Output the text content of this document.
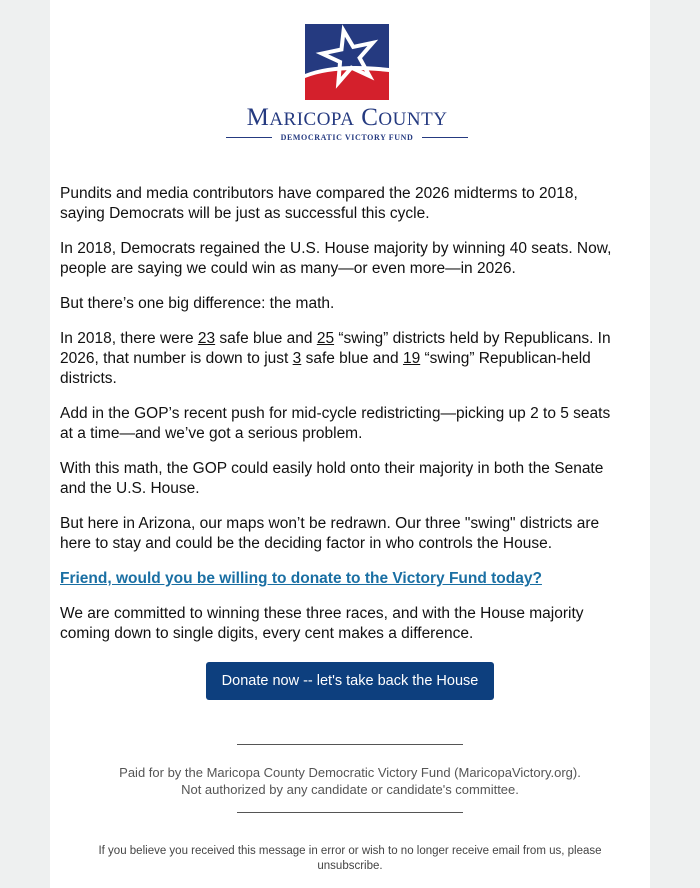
MARICOPA COUNTY
DEMOCRATIC VICTORY FUND

Pundits and media contributors have compared the 2026 midterms to 2018, saying Democrats will be just as successful this cycle.

In 2018, Democrats regained the U.S. House majority by winning 40 seats. Now, people are saying we could win as many—or even more—in 2026.

But there’s one big difference: the math.

In 2018, there were 23 safe blue and 25 “swing” districts held by Republicans. In 2026, that number is down to just 3 safe blue and 19 “swing” Republican-held districts.

Add in the GOP’s recent push for mid-cycle redistricting—picking up 2 to 5 seats at a time—and we’ve got a serious problem.

With this math, the GOP could easily hold onto their majority in both the Senate and the U.S. House.

But here in Arizona, our maps won’t be redrawn. Our three "swing" districts are here to stay and could be the deciding factor in who controls the House.

Friend, would you be willing to donate to the Victory Fund today?

We are committed to winning these three races, and with the House majority coming down to single digits, every cent makes a difference.

Donate now -- let's take back the House
Paid for by the Maricopa County Democratic Victory Fund (MaricopaVictory.org).
Not authorized by any candidate or candidate's committee.
If you believe you received this message in error or wish to no longer receive email from us, please unsubscribe.
